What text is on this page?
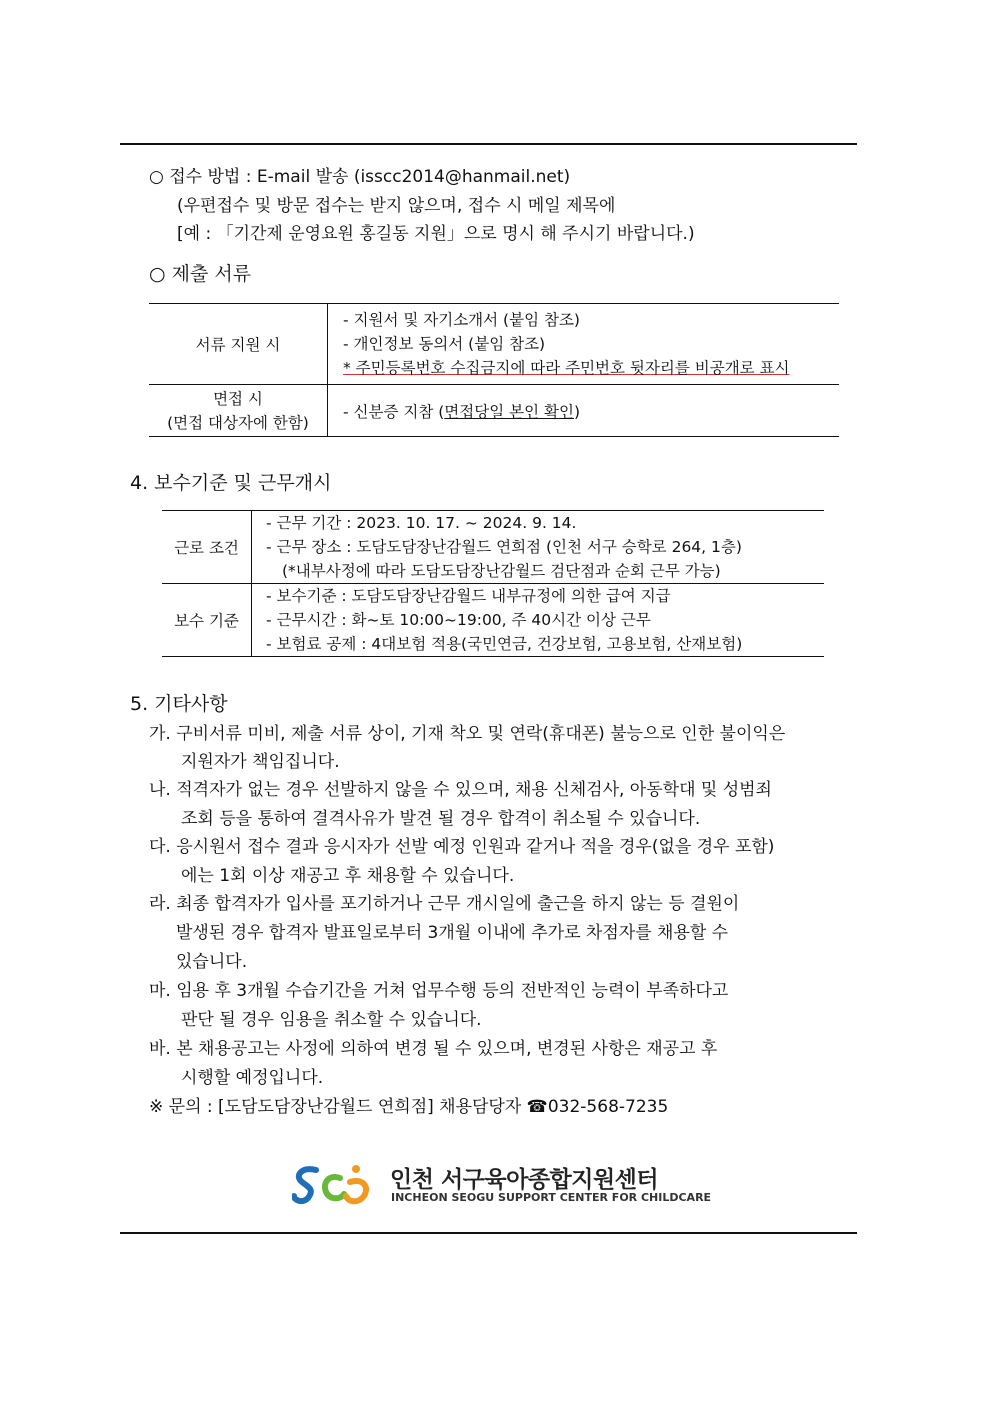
○ 접수 방법 : E-mail 발송 (isscc2014@hanmail.net)
(우편접수 및 방문 접수는 받지 않으며, 접수 시 메일 제목에
[예 : 「기간제 운영요원 홍길동 지원」으로 명시 해 주시기 바랍니다.)
○ 제출 서류
서류 지원 시	- 지원서 및 자기소개서 (붙임 참조)
- 개인정보 동의서 (붙임 참조)
* 주민등록번호 수집금지에 따라 주민번호 뒷자리를 비공개로 표시

면접 시
(면접 대상자에 한함)	- 신분증 지참 (면접당일 본인 확인)
4. 보수기준 및 근무개시
근로 조건	- 근무 기간 : 2023. 10. 17. ~ 2024. 9. 14.
- 근무 장소 : 도담도담장난감월드 연희점 (인천 서구 승학로 264, 1층)
(*내부사정에 따라 도담도담장난감월드 검단점과 순회 근무 가능)

보수 기준	- 보수기준 : 도담도담장난감월드 내부규정에 의한 급여 지급
- 근무시간 : 화~토 10:00~19:00, 주 40시간 이상 근무
- 보험료 공제 : 4대보험 적용(국민연금, 건강보험, 고용보험, 산재보험)
5. 기타사항
가. 구비서류 미비, 제출 서류 상이, 기재 착오 및 연락(휴대폰) 불능으로 인한 불이익은
지원자가 책임집니다.
나. 적격자가 없는 경우 선발하지 않을 수 있으며, 채용 신체검사, 아동학대 및 성범죄
조회 등을 통하여 결격사유가 발견 될 경우 합격이 취소될 수 있습니다.
다. 응시원서 접수 결과 응시자가 선발 예정 인원과 같거나 적을 경우(없을 경우 포함)
에는 1회 이상 재공고 후 채용할 수 있습니다.
라. 최종 합격자가 입사를 포기하거나 근무 개시일에 출근을 하지 않는 등 결원이
발생된 경우 합격자 발표일로부터 3개월 이내에 추가로 차점자를 채용할 수
있습니다.
마. 임용 후 3개월 수습기간을 거쳐 업무수행 등의 전반적인 능력이 부족하다고
판단 될 경우 임용을 취소할 수 있습니다.
바. 본 채용공고는 사정에 의하여 변경 될 수 있으며, 변경된 사항은 재공고 후
시행할 예정입니다.
※ 문의 : [도담도담장난감월드 연희점] 채용담당자 ☎032-568-7235
인천 서구육아종합지원센터
INCHEON SEOGU SUPPORT CENTER FOR CHILDCARE
